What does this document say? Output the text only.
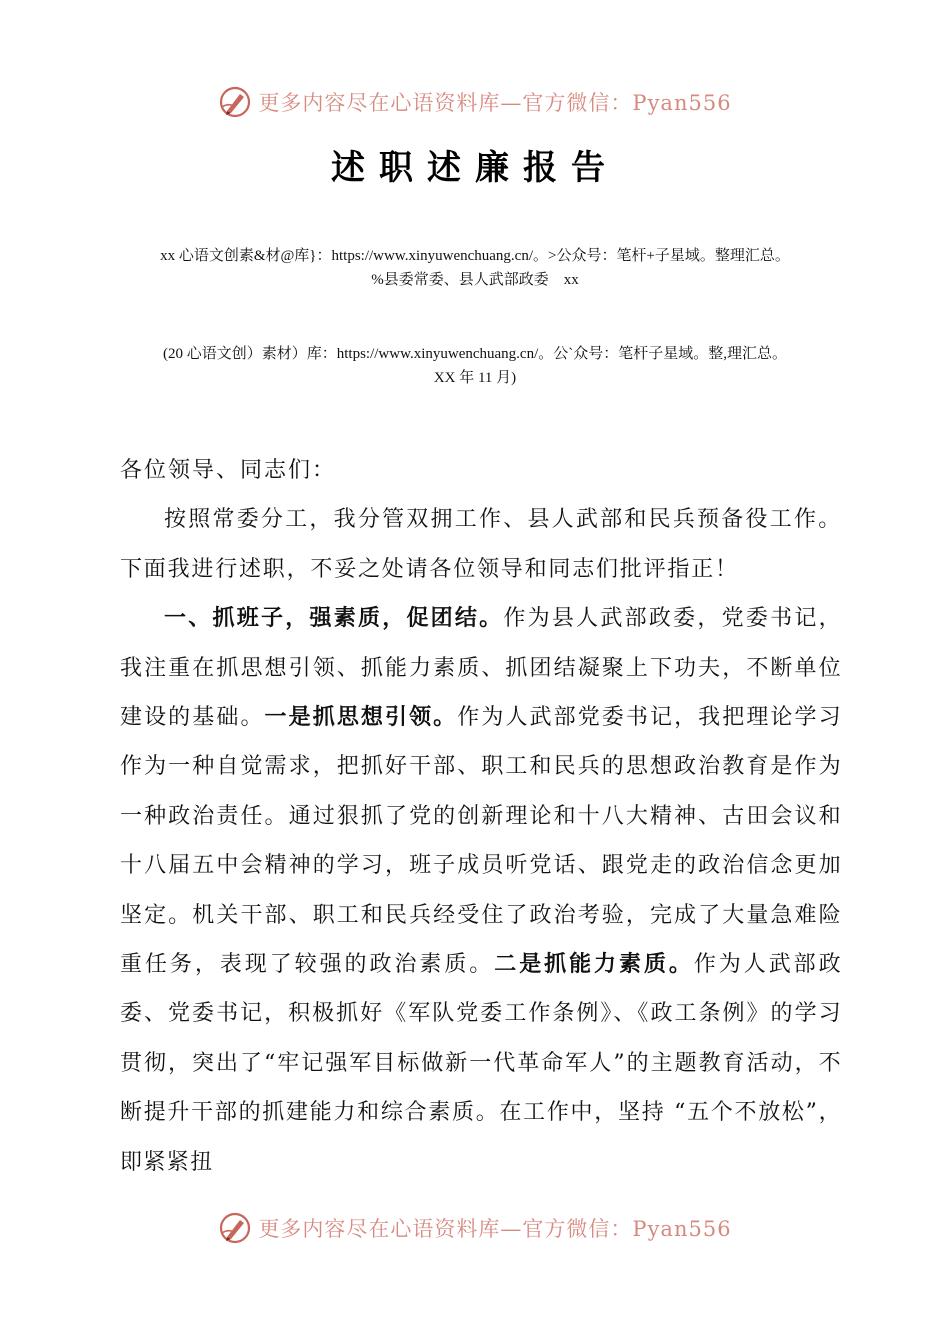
更多内容尽在心语资料库—官方微信：Pyan556
述职述廉报告
xx 心语文创素&材@库}：https://www.xinyuwenchuang.cn/。>公众号：笔杆+子星域。整理汇总。
%县委常委、县人武部政委　xx
(20 心语文创）素材）库：https://www.xinyuwenchuang.cn/。公`众号：笔杆子星域。整,理汇总。
XX 年 11 月)

各位领导、同志们：

按照常委分工，我分管双拥工作、县人武部和民兵预备役工作。下面我进行述职，不妥之处请各位领导和同志们批评指正！

一、抓班子，强素质，促团结。作为县人武部政委，党委书记，我注重在抓思想引领、抓能力素质、抓团结凝聚上下功夫，不断单位建设的基础。一是抓思想引领。作为人武部党委书记，我把理论学习作为一种自觉需求，把抓好干部、职工和民兵的思想政治教育是作为一种政治责任。通过狠抓了党的创新理论和十八大精神、古田会议和十八届五中会精神的学习，班子成员听党话、跟党走的政治信念更加坚定。机关干部、职工和民兵经受住了政治考验，完成了大量急难险重任务，表现了较强的政治素质。二是抓能力素质。作为人武部政委、党委书记，积极抓好《军队党委工作条例》、《政工条例》的学习贯彻，突出了“牢记强军目标做新一代革命军人”的主题教育活动，不断提升干部的抓建能力和综合素质。在工作中，坚持 “五个不放松”，即紧紧扭

更多内容尽在心语资料库—官方微信：Pyan556
